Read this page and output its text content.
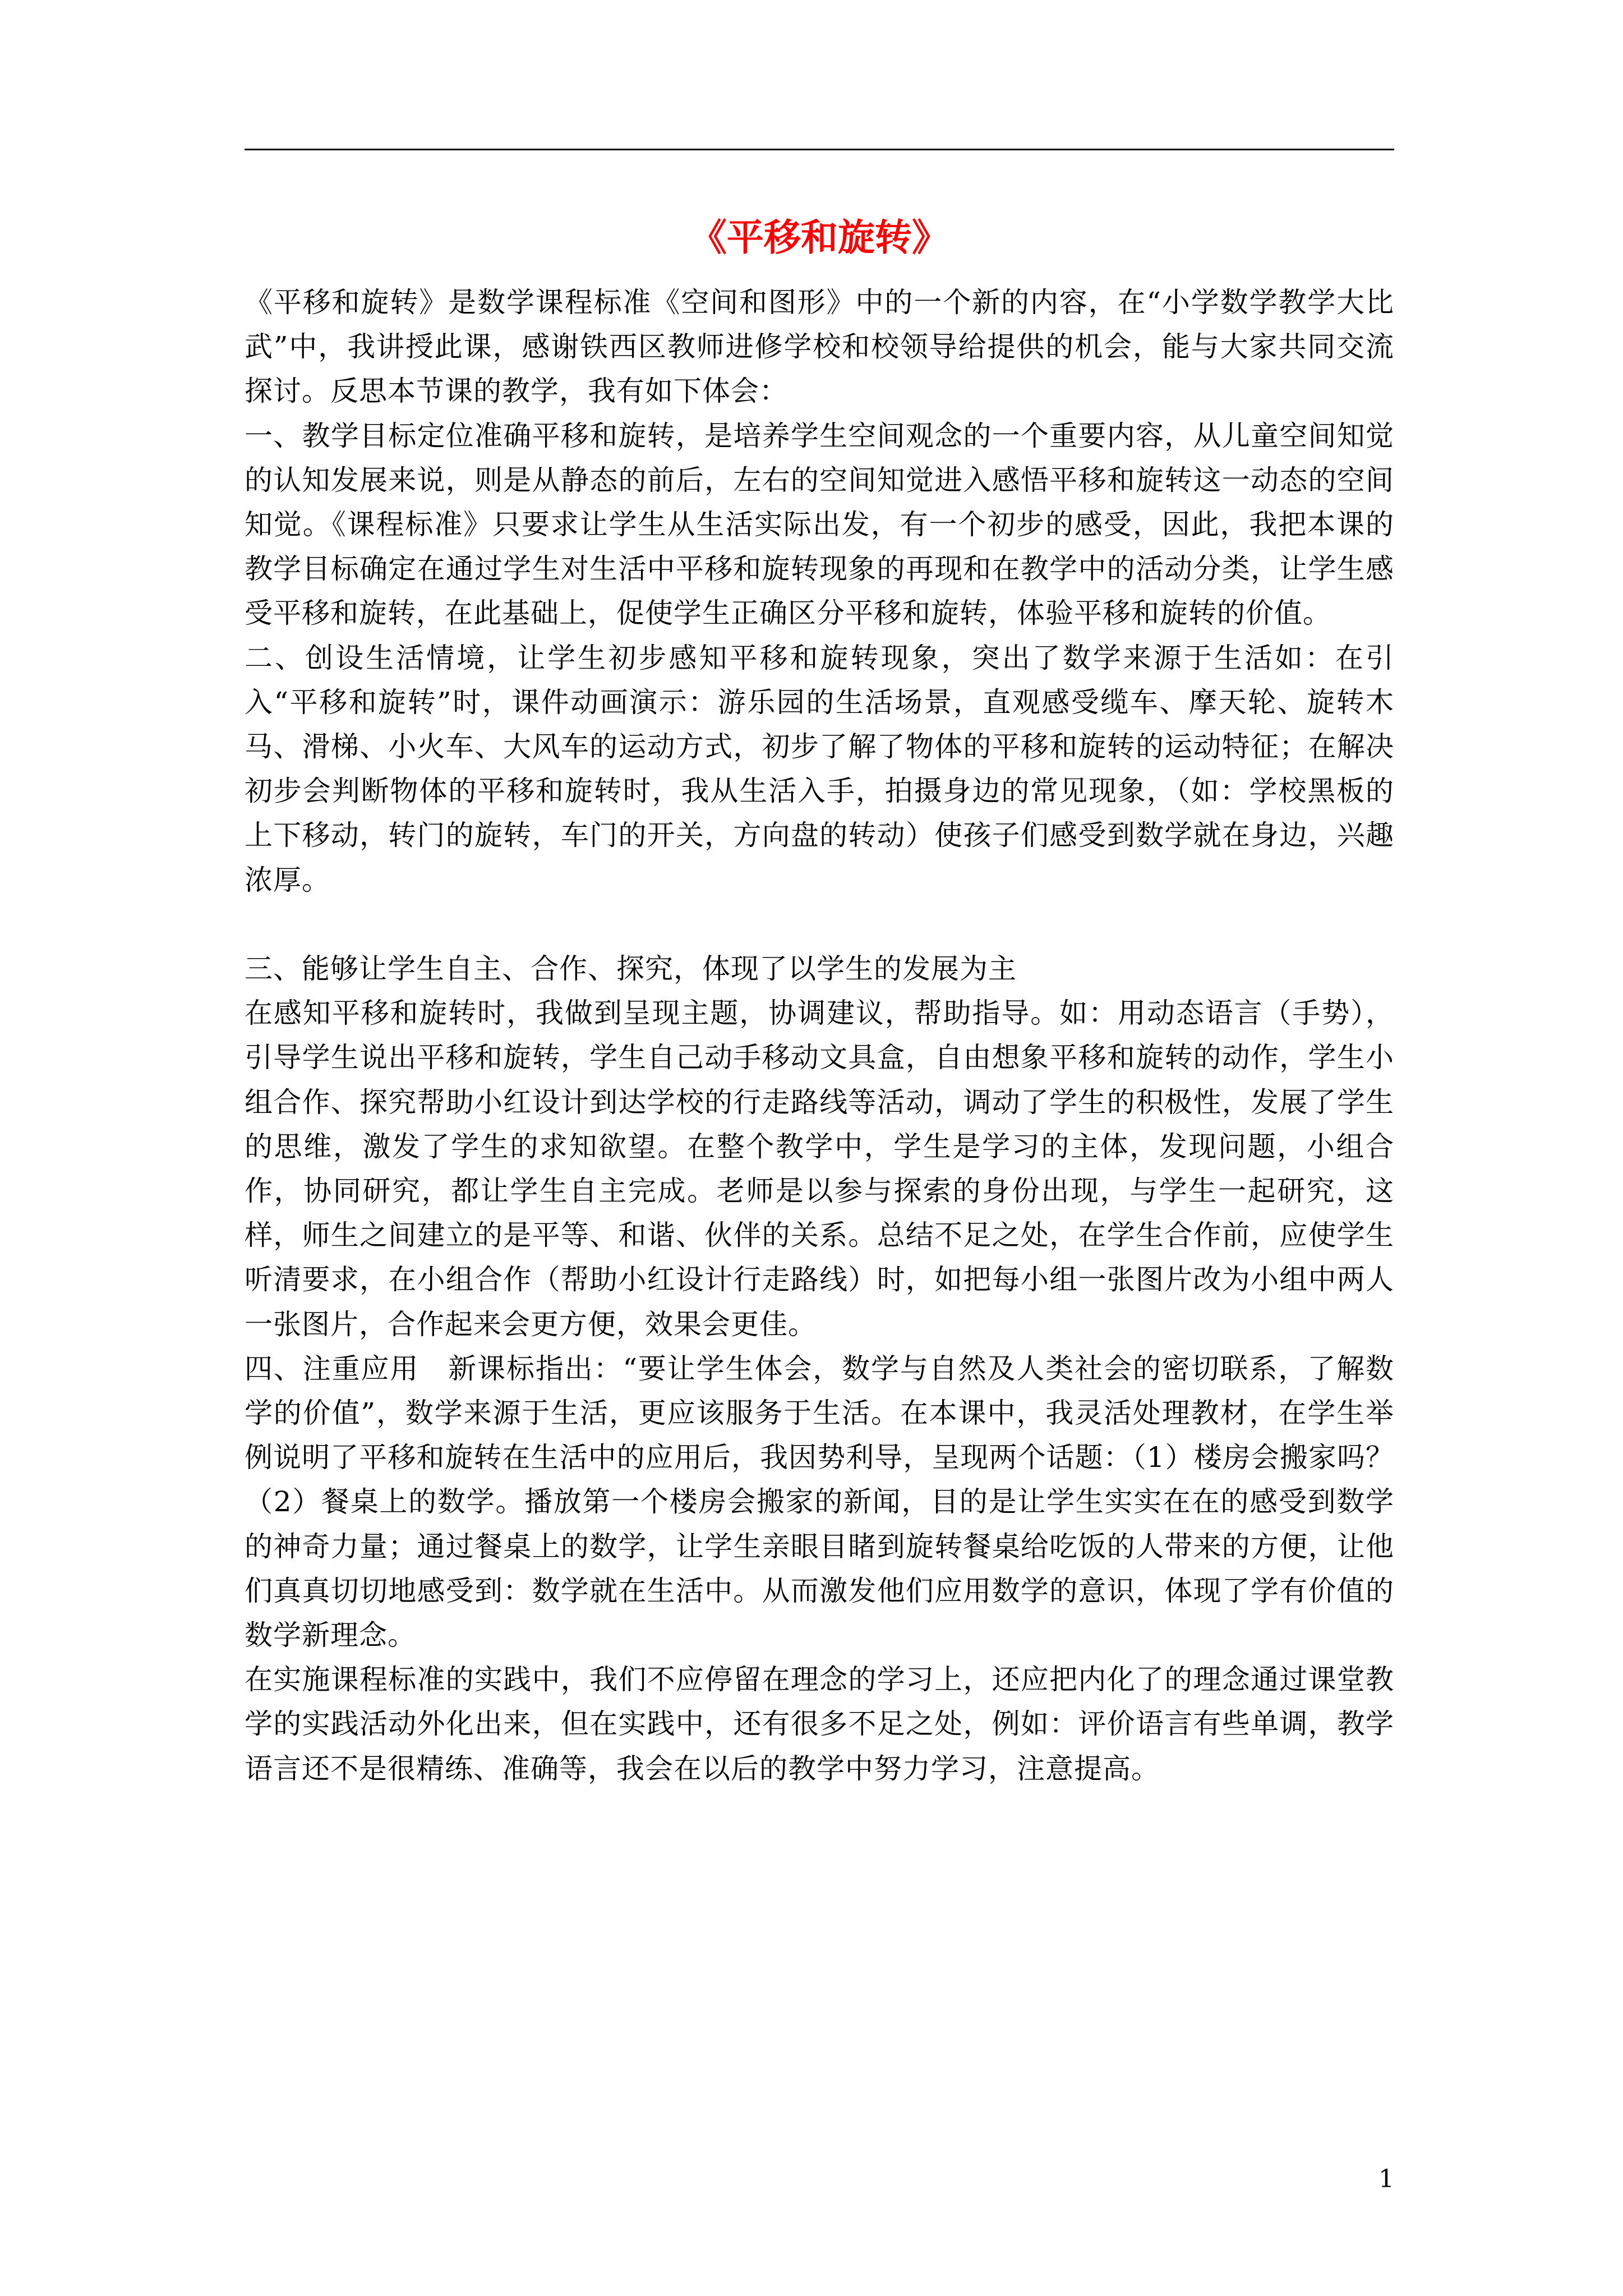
《平移和旋转》

《平移和旋转》是数学课程标准《空间和图形》中的一个新的内容，在“小学数学教学大比武”中，我讲授此课，感谢铁西区教师进修学校和校领导给提供的机会，能与大家共同交流探讨。反思本节课的教学，我有如下体会：

一、教学目标定位准确平移和旋转，是培养学生空间观念的一个重要内容，从儿童空间知觉的认知发展来说，则是从静态的前后，左右的空间知觉进入感悟平移和旋转这一动态的空间知觉。《课程标准》只要求让学生从生活实际出发，有一个初步的感受，因此，我把本课的教学目标确定在通过学生对生活中平移和旋转现象的再现和在教学中的活动分类，让学生感受平移和旋转，在此基础上，促使学生正确区分平移和旋转，体验平移和旋转的价值。

二、创设生活情境，让学生初步感知平移和旋转现象，突出了数学来源于生活如：在引入“平移和旋转”时，课件动画演示：游乐园的生活场景，直观感受缆车、摩天轮、旋转木马、滑梯、小火车、大风车的运动方式，初步了解了物体的平移和旋转的运动特征；在解决初步会判断物体的平移和旋转时，我从生活入手，拍摄身边的常见现象，（如：学校黑板的上下移动，转门的旋转，车门的开关，方向盘的转动）使孩子们感受到数学就在身边，兴趣浓厚。

三、能够让学生自主、合作、探究，体现了以学生的发展为主

在感知平移和旋转时，我做到呈现主题，协调建议，帮助指导。如：用动态语言（手势），引导学生说出平移和旋转，学生自己动手移动文具盒，自由想象平移和旋转的动作，学生小组合作、探究帮助小红设计到达学校的行走路线等活动，调动了学生的积极性，发展了学生的思维，激发了学生的求知欲望。在整个教学中，学生是学习的主体，发现问题，小组合作，协同研究，都让学生自主完成。老师是以参与探索的身份出现，与学生一起研究，这样，师生之间建立的是平等、和谐、伙伴的关系。总结不足之处，在学生合作前，应使学生听清要求，在小组合作（帮助小红设计行走路线）时，如把每小组一张图片改为小组中两人一张图片，合作起来会更方便，效果会更佳。

四、注重应用　新课标指出：“要让学生体会，数学与自然及人类社会的密切联系，了解数学的价值”，数学来源于生活，更应该服务于生活。在本课中，我灵活处理教材，在学生举例说明了平移和旋转在生活中的应用后，我因势利导，呈现两个话题：（1）楼房会搬家吗？（2）餐桌上的数学。播放第一个楼房会搬家的新闻，目的是让学生实实在在的感受到数学的神奇力量；通过餐桌上的数学，让学生亲眼目睹到旋转餐桌给吃饭的人带来的方便，让他们真真切切地感受到：数学就在生活中。从而激发他们应用数学的意识，体现了学有价值的数学新理念。

在实施课程标准的实践中，我们不应停留在理念的学习上，还应把内化了的理念通过课堂教学的实践活动外化出来，但在实践中，还有很多不足之处，例如：评价语言有些单调，教学语言还不是很精练、准确等，我会在以后的教学中努力学习，注意提高。

1
